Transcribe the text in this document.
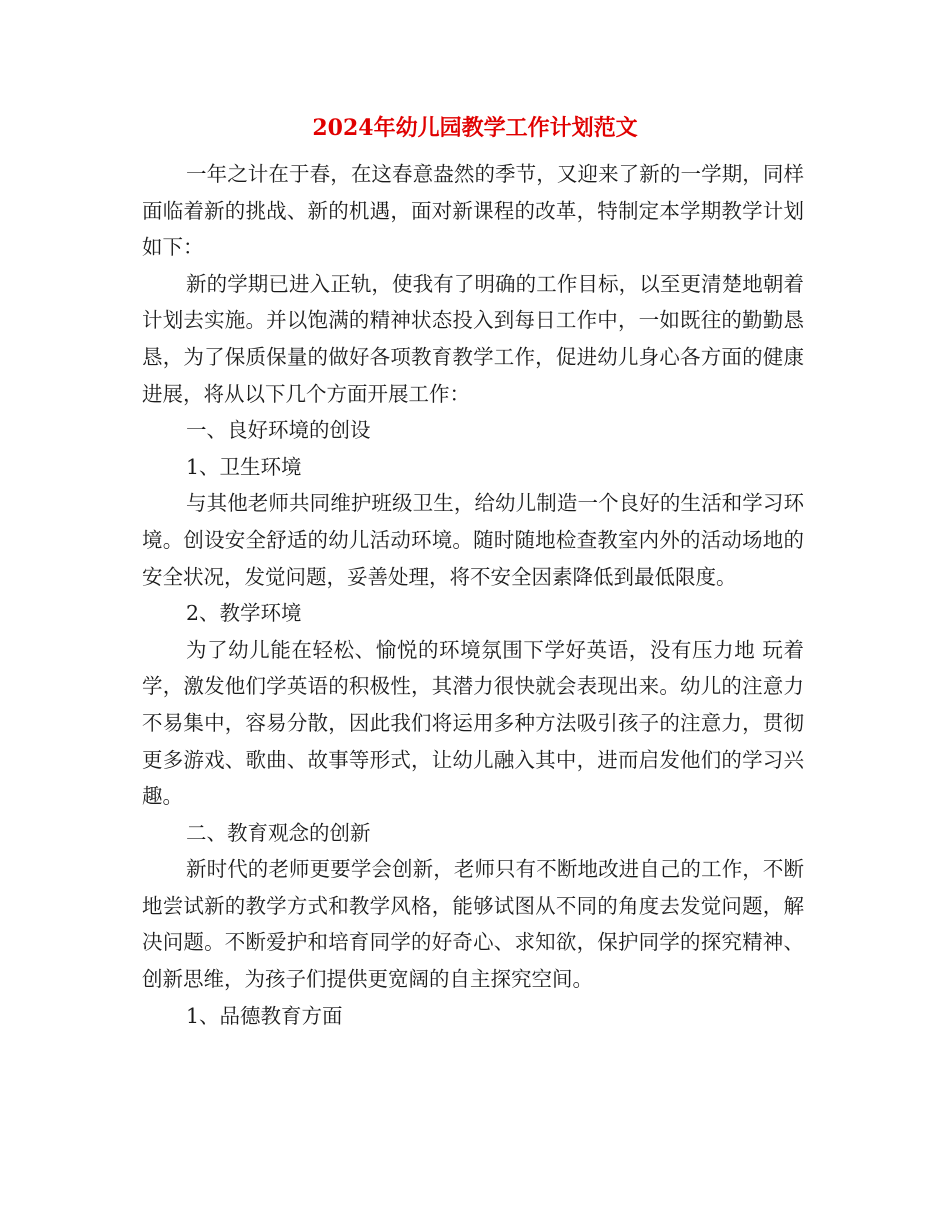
2024年幼儿园教学工作计划范文

一年之计在于春，在这春意盎然的季节，又迎来了新的一学期，同样面临着新的挑战、新的机遇，面对新课程的改革，特制定本学期教学计划如下：

新的学期已进入正轨，使我有了明确的工作目标，以至更清楚地朝着计划去实施。并以饱满的精神状态投入到每日工作中，一如既往的勤勤恳恳，为了保质保量的做好各项教育教学工作，促进幼儿身心各方面的健康进展，将从以下几个方面开展工作：

一、良好环境的创设

1、卫生环境

与其他老师共同维护班级卫生，给幼儿制造一个良好的生活和学习环境。创设安全舒适的幼儿活动环境。随时随地检查教室内外的活动场地的安全状况，发觉问题，妥善处理，将不安全因素降低到最低限度。

2、教学环境

为了幼儿能在轻松、愉悦的环境氛围下学好英语，没有压力地 玩着学，激发他们学英语的积极性，其潜力很快就会表现出来。幼儿的注意力不易集中，容易分散，因此我们将运用多种方法吸引孩子的注意力，贯彻更多游戏、歌曲、故事等形式，让幼儿融入其中，进而启发他们的学习兴趣。

二、教育观念的创新

新时代的老师更要学会创新，老师只有不断地改进自己的工作，不断地尝试新的教学方式和教学风格，能够试图从不同的角度去发觉问题，解决问题。不断爱护和培育同学的好奇心、求知欲，保护同学的探究精神、创新思维，为孩子们提供更宽阔的自主探究空间。

1、品德教育方面
